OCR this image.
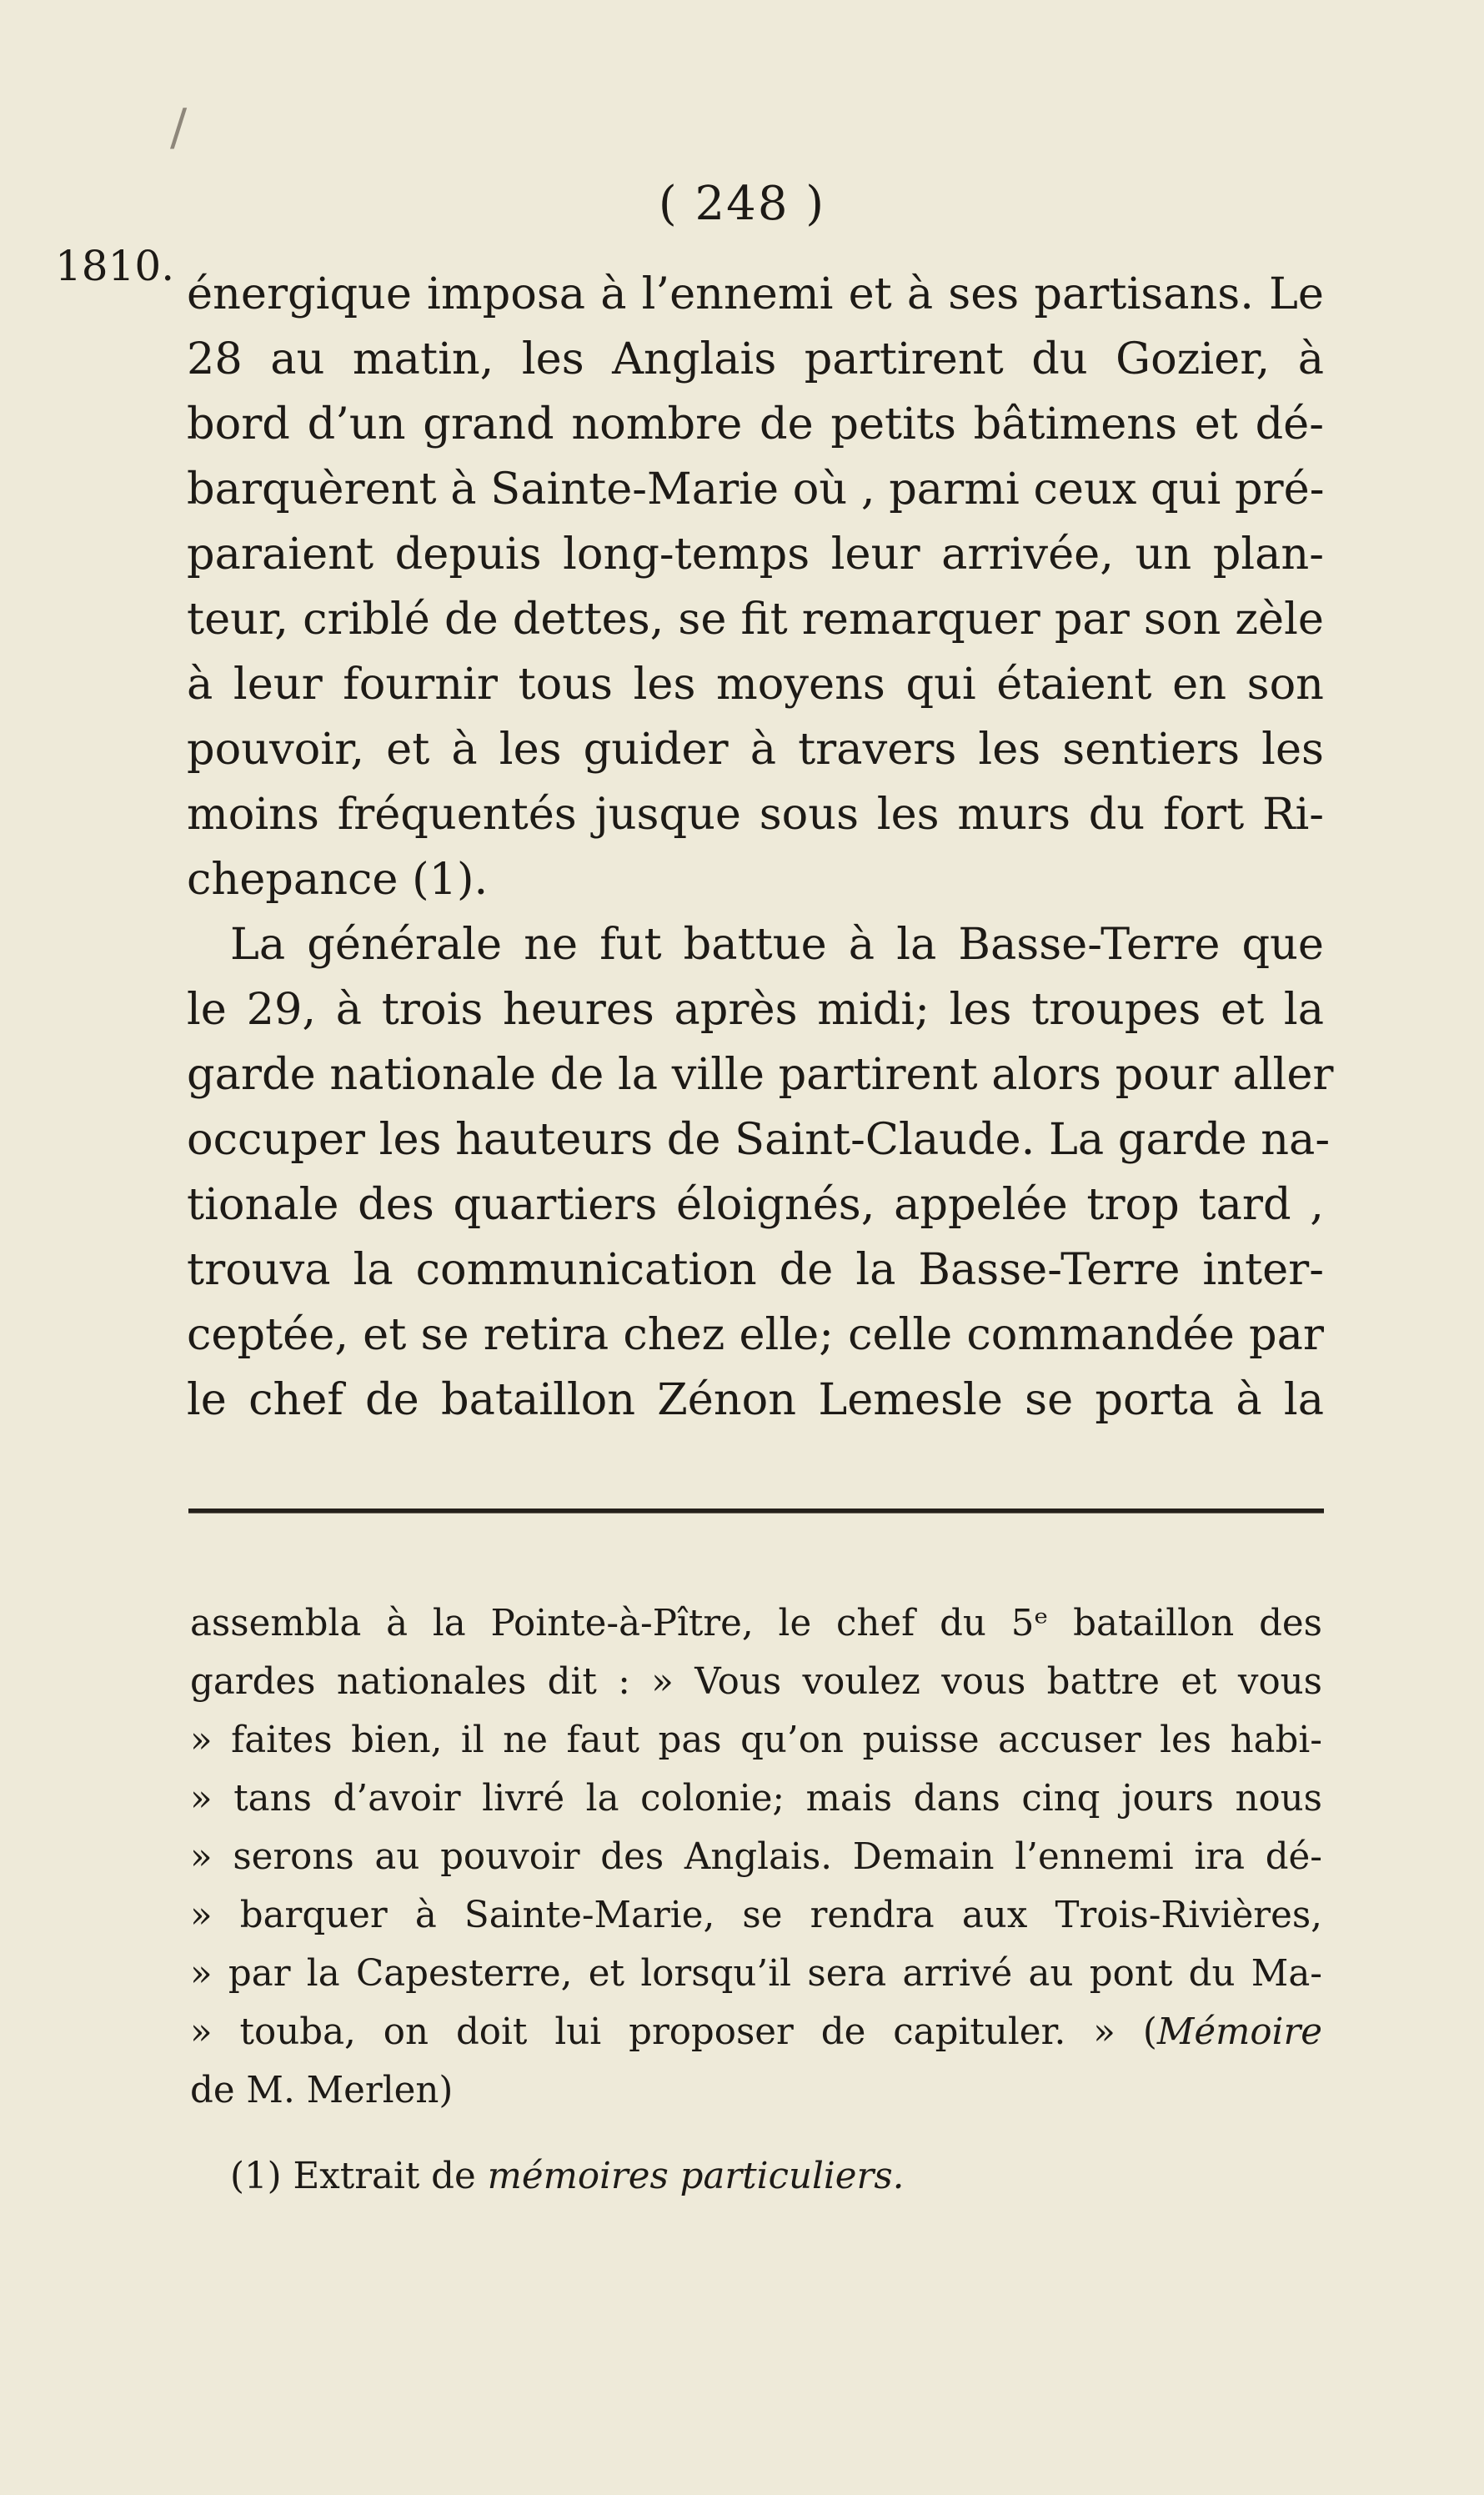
/
( 248 )
1810.

énergique imposa à l’ennemi et à ses partisans. Le
28 au matin, les Anglais partirent du Gozier, à
bord d’un grand nombre de petits bâtimens et dé-
barquèrent à Sainte-Marie où , parmi ceux qui pré-
paraient depuis long-temps leur arrivée, un plan-
teur, criblé de dettes, se fit remarquer par son zèle
à leur fournir tous les moyens qui étaient en son
pouvoir, et à les guider à travers les sentiers les
moins fréquentés jusque sous les murs du fort Ri-
chepance (1).
La générale ne fut battue à la Basse-Terre que
le 29, à trois heures après midi; les troupes et la
garde nationale de la ville partirent alors pour aller
occuper les hauteurs de Saint-Claude. La garde na-
tionale des quartiers éloignés, appelée trop tard ,
trouva la communication de la Basse-Terre inter-
ceptée, et se retira chez elle; celle commandée par
le chef de bataillon Zénon Lemesle se porta à la

assembla à la Pointe-à-Pître, le chef du 5ᵉ bataillon des
gardes nationales dit : » Vous voulez vous battre et vous
» faites bien, il ne faut pas qu’on puisse accuser les habi-
» tans d’avoir livré la colonie; mais dans cinq jours nous
» serons au pouvoir des Anglais. Demain l’ennemi ira dé-
» barquer à Sainte-Marie, se rendra aux Trois-Rivières,
» par la Capesterre, et lorsqu’il sera arrivé au pont du Ma-
» touba, on doit lui proposer de capituler. » (Mémoire
de M. Merlen)

(1) Extrait de mémoires particuliers.
